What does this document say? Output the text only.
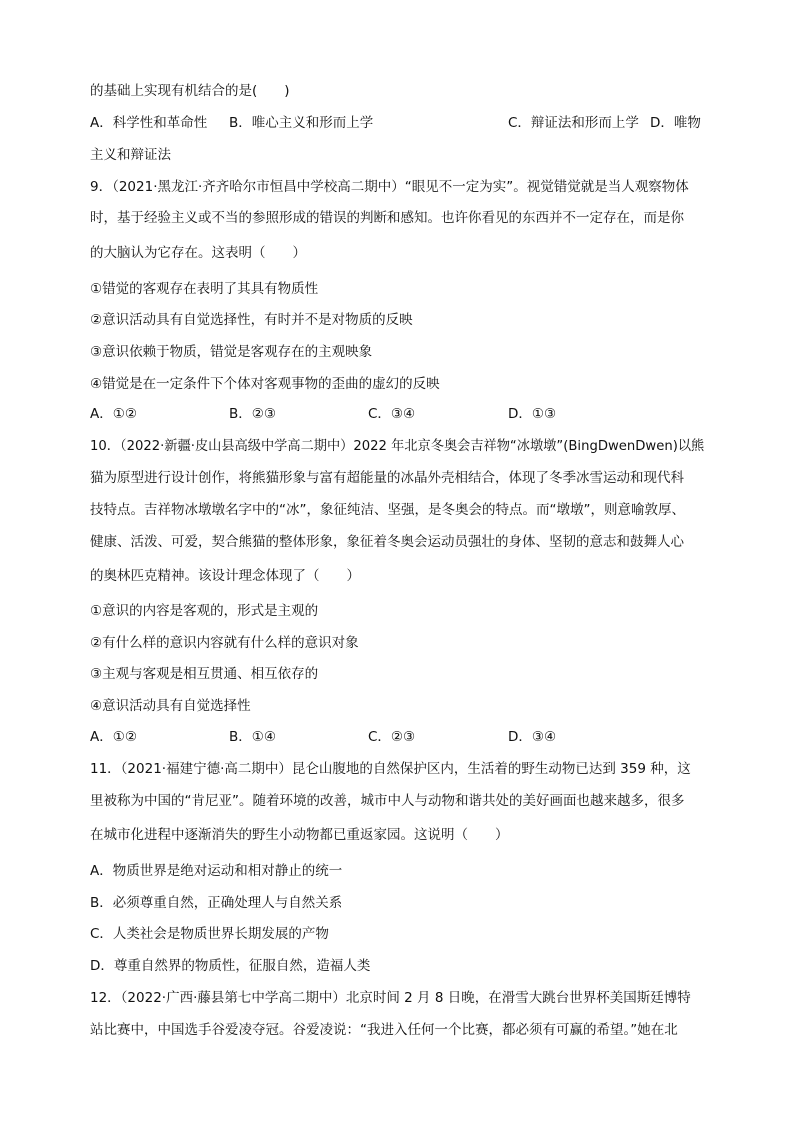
的基础上实现有机结合的是(　　)
A．科学性和革命性 B．唯心主义和形而上学	C．辩证法和形而上学 D．唯物
主义和辩证法
9．（2021·黑龙江·齐齐哈尔市恒昌中学校高二期中）“眼见不一定为实”。视觉错觉就是当人观察物体
时，基于经验主义或不当的参照形成的错误的判断和感知。也许你看见的东西并不一定存在，而是你
的大脑认为它存在。这表明（　　）
①错觉的客观存在表明了其具有物质性
②意识活动具有自觉选择性，有时并不是对物质的反映
③意识依赖于物质，错觉是客观存在的主观映象
④错觉是在一定条件下个体对客观事物的歪曲的虚幻的反映
A．①②	B．②③	C．③④	D．①③
10．（2022·新疆·皮山县高级中学高二期中）2022 年北京冬奥会吉祥物“冰墩墩”(BingDwenDwen)以熊
猫为原型进行设计创作，将熊猫形象与富有超能量的冰晶外壳相结合，体现了冬季冰雪运动和现代科
技特点。吉祥物冰墩墩名字中的“冰”，象征纯洁、坚强，是冬奥会的特点。而“墩墩”，则意喻敦厚、
健康、活泼、可爱，契合熊猫的整体形象，象征着冬奥会运动员强壮的身体、坚韧的意志和鼓舞人心
的奥林匹克精神。该设计理念体现了（　　）
①意识的内容是客观的，形式是主观的
②有什么样的意识内容就有什么样的意识对象
③主观与客观是相互贯通、相互依存的
④意识活动具有自觉选择性
A．①②	B．①④	C．②③	D．③④
11．（2021·福建宁德·高二期中）昆仑山腹地的自然保护区内，生活着的野生动物已达到 359 种，这
里被称为中国的“肯尼亚”。随着环境的改善，城市中人与动物和谐共处的美好画面也越来越多，很多
在城市化进程中逐渐消失的野生小动物都已重返家园。这说明（　　）
A．物质世界是绝对运动和相对静止的统一
B．必须尊重自然，正确处理人与自然关系
C．人类社会是物质世界长期发展的产物
D．尊重自然界的物质性，征服自然，造福人类
12．（2022·广西·藤县第七中学高二期中）北京时间 2 月 8 日晚，在滑雪大跳台世界杯美国斯廷博特
站比赛中，中国选手谷爱凌夺冠。谷爱凌说：“我进入任何一个比赛，都必须有可赢的希望。”她在北
